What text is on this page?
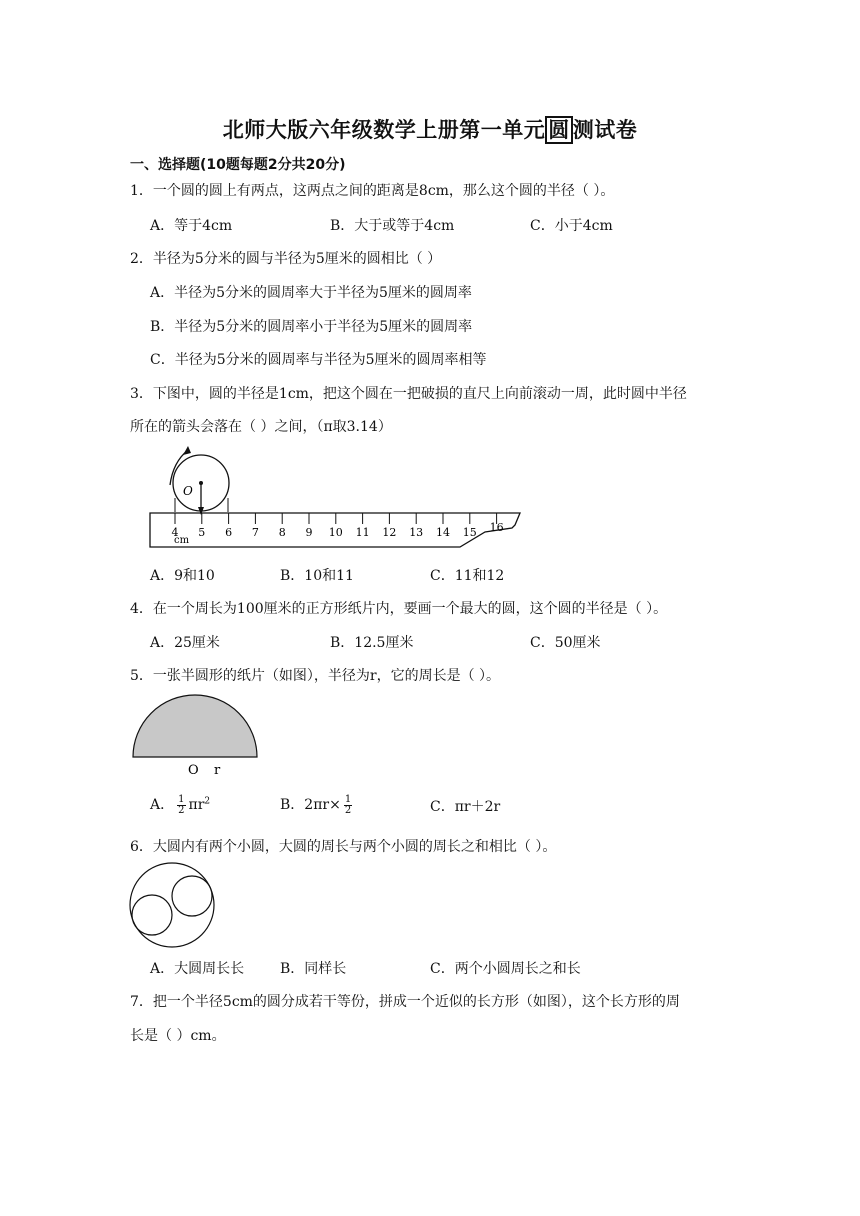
北师大版六年级数学上册第一单元 圆 测试卷
一、选择题(10题每题2分共20分)
1．一个圆的圆上有两点，这两点之间的距离是8cm，那么这个圆的半径（ ）。
A．等于4cm	B．大于或等于4cm	C．小于4cm
2．半径为5分米的圆与半径为5厘米的圆相比（ ）
A．半径为5分米的圆周率大于半径为5厘米的圆周率
B．半径为5分米的圆周率小于半径为5厘米的圆周率
C．半径为5分米的圆周率与半径为5厘米的圆周率相等
3．下图中，圆的半径是1cm，把这个圆在一把破损的直尺上向前滚动一周，此时圆中半径
所在的箭头会落在（ ）之间，（π取3.14）
O
4 5 6 7 8 9 10 11 12 13 14 15 16
cm
A．9和10	B．10和11	C．11和12
4．在一个周长为100厘米的正方形纸片内，要画一个最大的圆，这个圆的半径是（ ）。
A．25厘米	B．12.5厘米	C．50厘米
5．一张半圆形的纸片（如图），半径为r，它的周长是（ ）。
O r
A． $\frac{1}{2} \pi r^2$	B．$2\pi r\times \frac{1}{2}$	C．πr＋2r
6．大圆内有两个小圆，大圆的周长与两个小圆的周长之和相比（ ）。
A．大圆周长长	B．同样长	C．两个小圆周长之和长
7．把一个半径5cm的圆分成若干等份，拼成一个近似的长方形（如图），这个长方形的周
长是（ ）cm。
